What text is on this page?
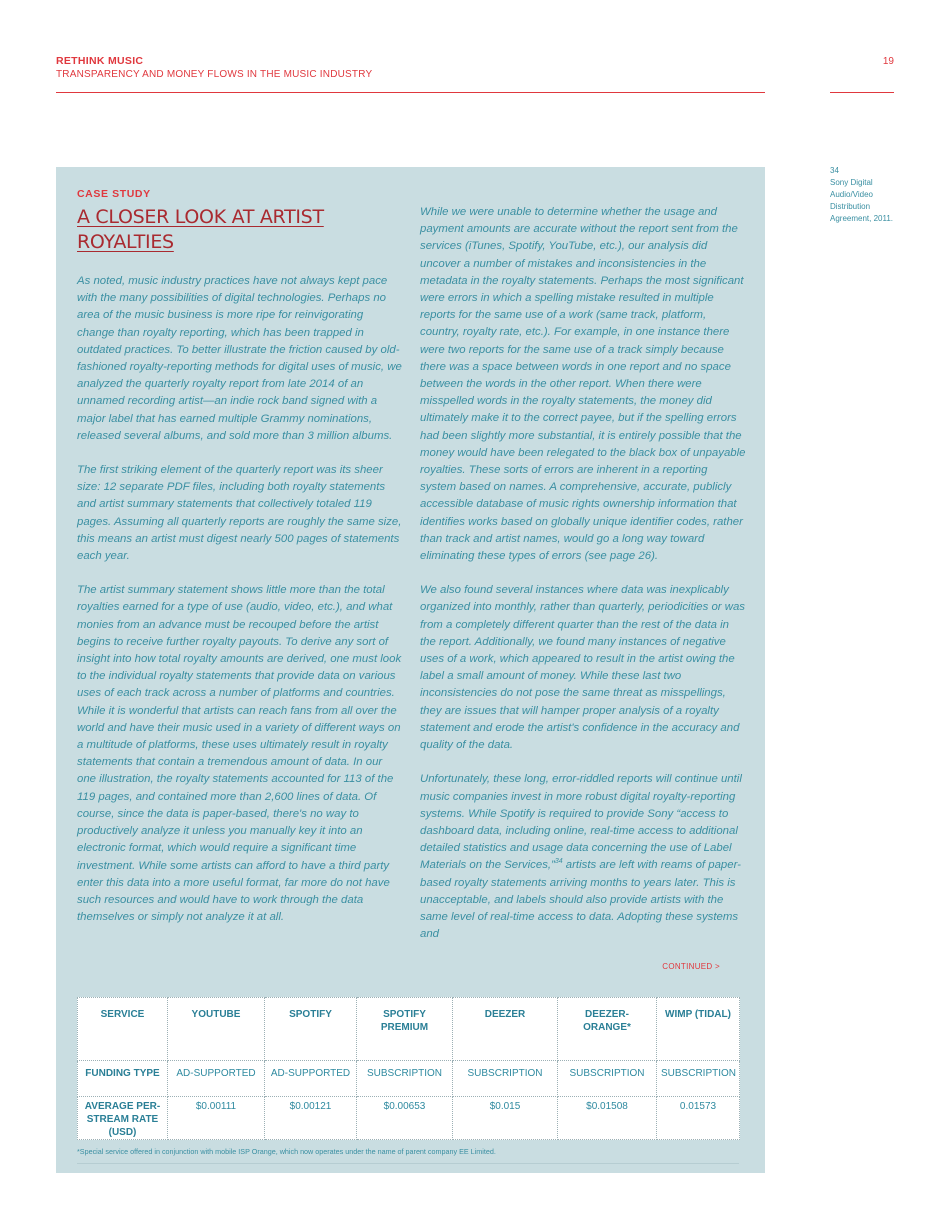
RETHINK MUSIC
TRANSPARENCY AND MONEY FLOWS IN THE MUSIC INDUSTRY
19
34
Sony Digital Audio/Video Distribution Agreement, 2011.
CASE STUDY
A CLOSER LOOK AT ARTIST ROYALTIES

As noted, music industry practices have not always kept pace with the many possibilities of digital technologies. Perhaps no area of the music business is more ripe for reinvigorating change than royalty reporting, which has been trapped in outdated practices. To better illustrate the friction caused by old-fashioned royalty-reporting methods for digital uses of music, we analyzed the quarterly royalty report from late 2014 of an unnamed recording artist—an indie rock band signed with a major label that has earned multiple Grammy nominations, released several albums, and sold more than 3 million albums.

The first striking element of the quarterly report was its sheer size: 12 separate PDF files, including both royalty statements and artist summary statements that collectively totaled 119 pages. Assuming all quarterly reports are roughly the same size, this means an artist must digest nearly 500 pages of statements each year.

The artist summary statement shows little more than the total royalties earned for a type of use (audio, video, etc.), and what monies from an advance must be recouped before the artist begins to receive further royalty payouts. To derive any sort of insight into how total royalty amounts are derived, one must look to the individual royalty statements that provide data on various uses of each track across a number of platforms and countries. While it is wonderful that artists can reach fans from all over the world and have their music used in a variety of different ways on a multitude of platforms, these uses ultimately result in royalty statements that contain a tremendous amount of data. In our one illustration, the royalty statements accounted for 113 of the 119 pages, and contained more than 2,600 lines of data. Of course, since the data is paper-based, there's no way to productively analyze it unless you manually key it into an electronic format, which would require a significant time investment. While some artists can afford to have a third party enter this data into a more useful format, far more do not have such resources and would have to work through the data themselves or simply not analyze it at all.

While we were unable to determine whether the usage and payment amounts are accurate without the report sent from the services (iTunes, Spotify, YouTube, etc.), our analysis did uncover a number of mistakes and inconsistencies in the metadata in the royalty statements. Perhaps the most significant were errors in which a spelling mistake resulted in multiple reports for the same use of a work (same track, platform, country, royalty rate, etc.). For example, in one instance there were two reports for the same use of a track simply because there was a space between words in one report and no space between the words in the other report. When there were misspelled words in the royalty statements, the money did ultimately make it to the correct payee, but if the spelling errors had been slightly more substantial, it is entirely possible that the money would have been relegated to the black box of unpayable royalties. These sorts of errors are inherent in a reporting system based on names. A comprehensive, accurate, publicly accessible database of music rights ownership information that identifies works based on globally unique identifier codes, rather than track and artist names, would go a long way toward eliminating these types of errors (see page 26).

We also found several instances where data was inexplicably organized into monthly, rather than quarterly, periodicities or was from a completely different quarter than the rest of the data in the report. Additionally, we found many instances of negative uses of a work, which appeared to result in the artist owing the label a small amount of money. While these last two inconsistencies do not pose the same threat as misspellings, they are issues that will hamper proper analysis of a royalty statement and erode the artist's confidence in the accuracy and quality of the data.

Unfortunately, these long, error-riddled reports will continue until music companies invest in more robust digital royalty-reporting systems. While Spotify is required to provide Sony “access to dashboard data, including online, real-time access to additional detailed statistics and usage data concerning the use of Label Materials on the Services,”$^{34}$ artists are left with reams of paper-based royalty statements arriving months to years later. This is unacceptable, and labels should also provide artists with the same level of real-time access to data. Adopting these systems and

CONTINUED >
SERVICE	YOUTUBE	SPOTIFY	SPOTIFY PREMIUM	DEEZER	DEEZER-ORANGE*	WIMP (TIDAL)
FUNDING TYPE	AD-SUPPORTED	AD-SUPPORTED	SUBSCRIPTION	SUBSCRIPTION	SUBSCRIPTION	SUBSCRIPTION
AVERAGE PER-STREAM RATE (USD)	$0.00111	$0.00121	$0.00653	$0.015	$0.01508	0.01573
*Special service offered in conjunction with mobile ISP Orange, which now operates under the name of parent company EE Limited.
